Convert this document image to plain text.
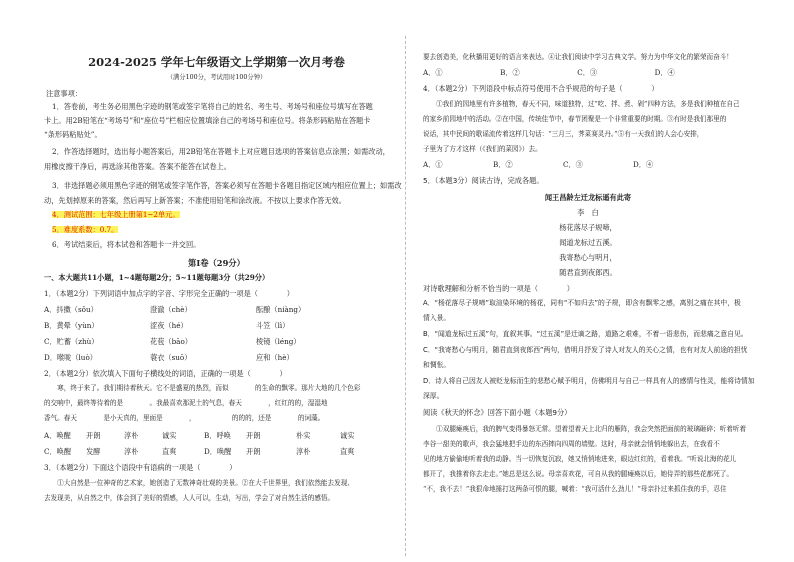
2024-2025 学年七年级语文上学期第一次月考卷
（满分100分，考试用时100分钟）
注意事项：
1．答卷前，考生务必用黑色字迹的钢笔或签字笔将自己的姓名、考生号、考场号和座位号填写在答题
卡上。用2B铅笔在“考场号”和“座位号”栏相应位置填涂自己的考场号和座位号。将条形码粘贴在答题卡
“条形码粘贴处”。
2．作答选择题时，选出每小题答案后，用2B铅笔在答题卡上对应题目选项的答案信息点涂黑；如需改动，
用橡皮擦干净后，再选涂其他答案。答案不能答在试卷上。
3．非选择题必须用黑色字迹的钢笔或签字笔作答，答案必须写在答题卡各题目指定区域内相应位置上；如需改
动，先划掉原来的答案，然后再写上新答案；不准使用铅笔和涂改液。不按以上要求作答无效。
4．测试范围：七年级上册第1~2单元。
5．难度系数：0.7。
6．考试结束后，将本试卷和答题卡一并交回。
第Ⅰ卷（29分）
一、本大题共11小题，1~4题每题2分；5~11题每题3分（共29分）
1．（本题2分）下列词语中加点字的字音、字形完全正确的一项是（　　　　）
A．抖擞（sǒu）	澄澈（chè）	酝酿（niàng）
B．黄晕（yùn）	涩夜（hé）	斗笠（lì）
C．贮蓄（zhù）	花苞（bāo）	棱镜（léng）
D．喉咙（luò）	蓑衣（suō）	应和（hè）
2．（本题2分）依次填入下面句子横线处的词语，正确的一项是（　　　　）
　　寒，终于来了。我们期待着秋天。它不是盛夏的热烈，而似　　　　的生命的飘零。那片大地的几个色彩
的交响中，最终等待着的是　　　　。我最喜欢那泥土的气息，春天　　　　，红红的的，湿湿地
香气。春天　　　　是小天真的，里面是　　　　，　　　　　　的的的，还是　　　　的词藻。
A．唤醒	开朗	淳朴	诚实	B．呼唤	开朗	朴实	诚实
C．唤醒	发酵	淳朴	直爽	D．唤醒	开朗	淳朴	直爽
3．（本题2分）下面这个语段中有语病的一项是（　　　　）
　　①大自然是一位神奇的艺术家，她创造了无数神奇壮观的美景。②在大千世界里，我们依然能去发现、
去发现美，从自然之中，体会到了美好的情感，人人可以，生动，写出，学会了对自然生活的感悟。
要去创造美，化秋播用更好的语言来表达。④让我们阅读中学习古典文学。努力为中华文化的繁荣而奋斗！
A．①　　　　　　　　B．②　　　　　　　　C．③　　　　　　　　D．④
4．（本题2分）下列语段中标点符号使用不合乎规范的句子是（　　　　）
　　①我们的园地里有许多植物，春天不同，味道独特，过“吃、拌、煮、剁”四种方法，多是我们种植在自己
的家乡前园地中的活动。②在中国，传统佳节中，春节团聚是一个非常重要的时期。③有时是我们那里的
说话，其中民间的歌谣流传着这样几句话：“三月三，荠菜赛灵丹。”⑤有一天我们的人会心安排，
子里为了方才这样（《我们的菜园》）去。
A．①	B．②	C．③	D．④
5．（本题3分）阅读古诗，完成各题。
闻王昌龄左迁龙标遥有此寄
李　白
杨花落尽子规啼，
闻道龙标过五溪。
我寄愁心与明月，
随君直到夜郎西。
对诗歌理解和分析不恰当的一项是（　　　　）
A．“杨花落尽子规啼”取渲染环境的杨花，同有“不如归去”的子规，即含有飘零之感，离别之痛在其中，极
情入景。
B．“闻道龙标过五溪”句，直叙其事。“过五溪”是迁谪之路，道路之艰难，不着一语悲伤，而悲痛之意自见。
C．“我寄愁心与明月，随君直到夜郎西”两句，借明月抒发了诗人对友人的关心之情，也有对友人前途的担忧
和惆怅。
D．诗人将自己因友人被贬龙标而生的悲愁心赋予明月，仿佛明月与自己一样具有人的感情与性灵，能将诗情加
深厚。
阅读《秋天的怀念》回答下面小题（本题9分）
　　①双腿瘫痪后，我的脾气变得暴怒无常。望着望着天上北归的雁阵，我会突然把面前的玻璃砸碎；听着听着
李谷一甜美的歌声，我会猛地把手边的东西摔向四周的墙壁。这时，母亲就会悄悄地躲出去，在我看不
见的地方偷偷地听着我的动静。当一切恢复沉寂，她又悄悄地进来，眼边红红的，看着我。“听说北海的花儿
都开了，我推着你去走走。”她总是这么说。母亲喜欢花，可自从我的腿瘫痪以后，她侍弄的那些花都死了。
“不，我不去！”我狠命地捶打这两条可恨的腿，喊着：“我可活什么劲儿！”母亲扑过来抓住我的手，忍住
